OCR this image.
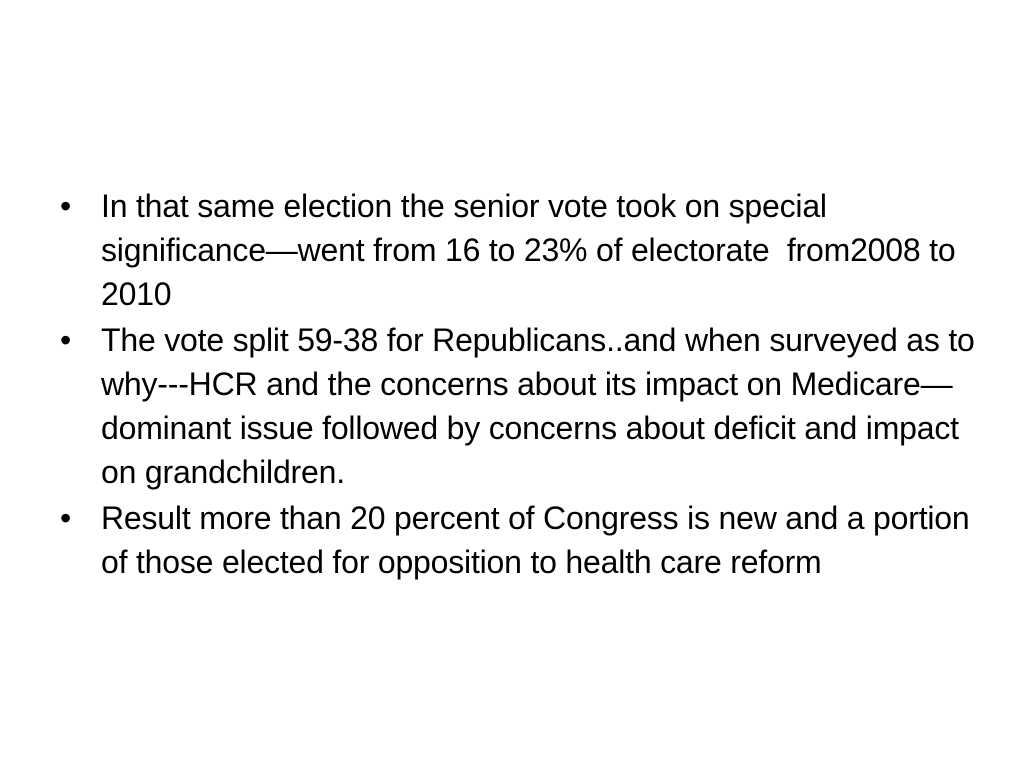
• In that same election the senior vote took on special significance—went from 16 to 23% of electorate  from2008 to 2010
• The vote split 59-38 for Republicans..and when surveyed as to why---HCR and the concerns about its impact on Medicare—dominant issue followed by concerns about deficit and impact on grandchildren.
• Result more than 20 percent of Congress is new and a portion of those elected for opposition to health care reform
